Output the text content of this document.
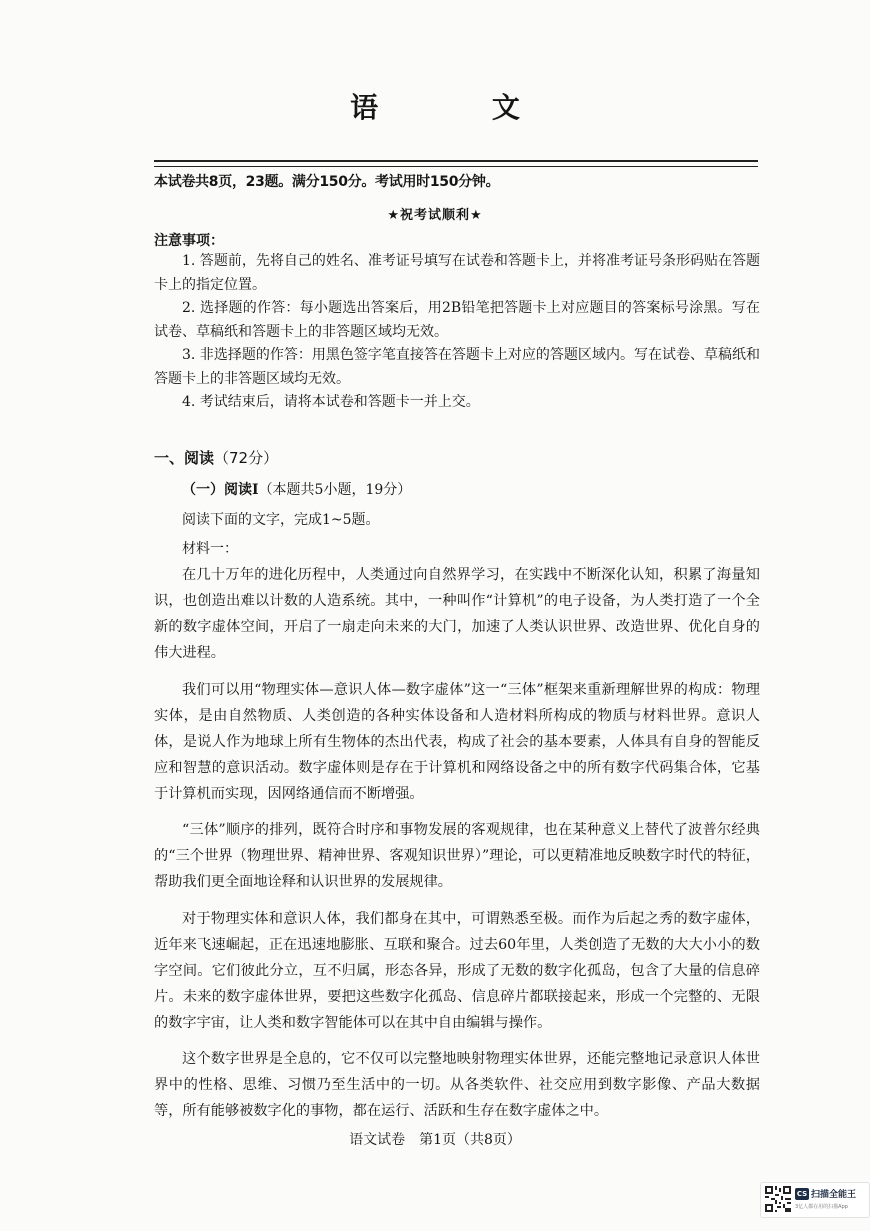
语 文
本试卷共8页，23题。满分150分。考试用时150分钟。
★祝考试顺利★
注意事项：
1. 答题前，先将自己的姓名、准考证号填写在试卷和答题卡上，并将准考证号条形码贴在答题卡上的指定位置。
2. 选择题的作答：每小题选出答案后，用2B铅笔把答题卡上对应题目的答案标号涂黑。写在试卷、草稿纸和答题卡上的非答题区域均无效。
3. 非选择题的作答：用黑色签字笔直接答在答题卡上对应的答题区域内。写在试卷、草稿纸和答题卡上的非答题区域均无效。
4. 考试结束后，请将本试卷和答题卡一并上交。
一、阅读（72分）
（一）阅读Ⅰ（本题共5小题，19分）
阅读下面的文字，完成1~5题。
材料一：

在几十万年的进化历程中，人类通过向自然界学习，在实践中不断深化认知，积累了海量知识，也创造出难以计数的人造系统。其中，一种叫作“计算机”的电子设备，为人类打造了一个全新的数字虚体空间，开启了一扇走向未来的大门，加速了人类认识世界、改造世界、优化自身的伟大进程。

我们可以用“物理实体—意识人体—数字虚体”这一“三体”框架来重新理解世界的构成：物理实体，是由自然物质、人类创造的各种实体设备和人造材料所构成的物质与材料世界。意识人体，是说人作为地球上所有生物体的杰出代表，构成了社会的基本要素，人体具有自身的智能反应和智慧的意识活动。数字虚体则是存在于计算机和网络设备之中的所有数字代码集合体，它基于计算机而实现，因网络通信而不断增强。

“三体”顺序的排列，既符合时序和事物发展的客观规律，也在某种意义上替代了波普尔经典的“三个世界（物理世界、精神世界、客观知识世界）”理论，可以更精准地反映数字时代的特征，帮助我们更全面地诠释和认识世界的发展规律。

对于物理实体和意识人体，我们都身在其中，可谓熟悉至极。而作为后起之秀的数字虚体，近年来飞速崛起，正在迅速地膨胀、互联和聚合。过去60年里，人类创造了无数的大大小小的数字空间。它们彼此分立，互不归属，形态各异，形成了无数的数字化孤岛，包含了大量的信息碎片。未来的数字虚体世界，要把这些数字化孤岛、信息碎片都联接起来，形成一个完整的、无限的数字宇宙，让人类和数字智能体可以在其中自由编辑与操作。

这个数字世界是全息的，它不仅可以完整地映射物理实体世界，还能完整地记录意识人体世界中的性格、思维、习惯乃至生活中的一切。从各类软件、社交应用到数字影像、产品大数据等，所有能够被数字化的事物，都在运行、活跃和生存在数字虚体之中。

语文试卷　第1页（共8页）
CS 扫描全能王
3亿人都在用的扫描App
